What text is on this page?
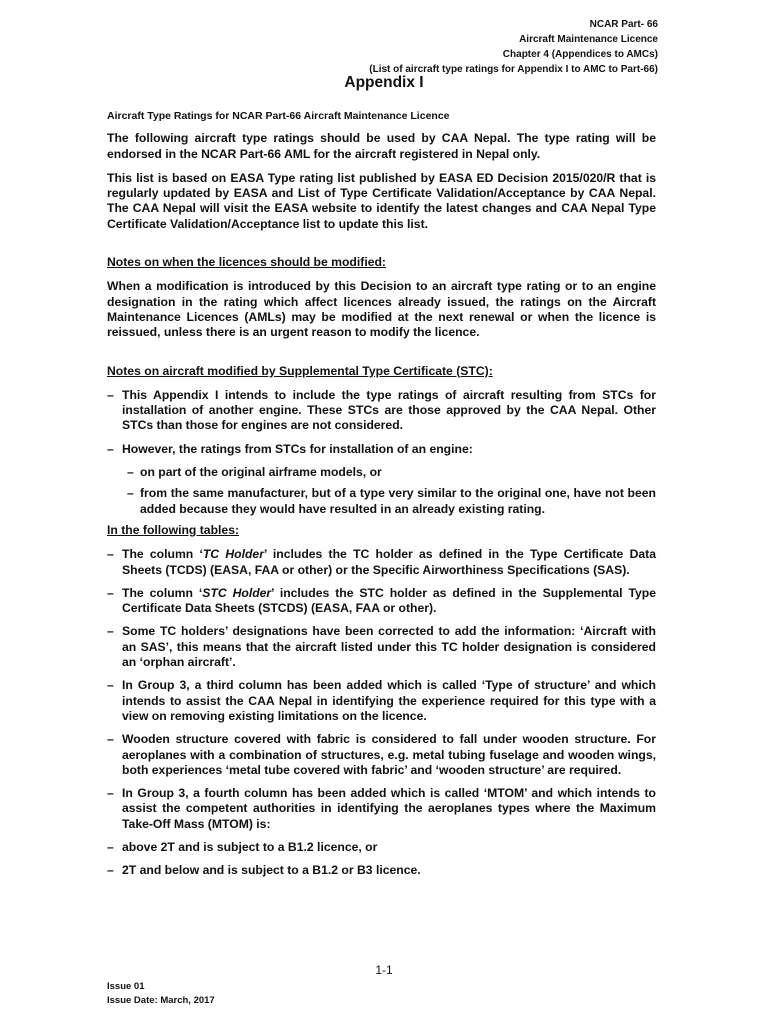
NCAR Part- 66
Aircraft Maintenance Licence
Chapter 4 (Appendices to AMCs)
(List of aircraft type ratings for Appendix I to AMC to Part-66)
Appendix I
Aircraft Type Ratings for NCAR Part-66 Aircraft Maintenance Licence

The following aircraft type ratings should be used by CAA Nepal. The type rating will be endorsed in the NCAR Part-66 AML for the aircraft registered in Nepal only.

This list is based on EASA Type rating list published by EASA ED Decision 2015/020/R that is regularly updated by EASA and List of Type Certificate Validation/Acceptance by CAA Nepal. The CAA Nepal will visit the EASA website to identify the latest changes and CAA Nepal Type Certificate Validation/Acceptance list to update this list.

Notes on when the licences should be modified:

When a modification is introduced by this Decision to an aircraft type rating or to an engine designation in the rating which affect licences already issued, the ratings on the Aircraft Maintenance Licences (AMLs) may be modified at the next renewal or when the licence is reissued, unless there is an urgent reason to modify the licence.

Notes on aircraft modified by Supplemental Type Certificate (STC):
– This Appendix I intends to include the type ratings of aircraft resulting from STCs for installation of another engine. These STCs are those approved by the CAA Nepal. Other STCs than those for engines are not considered.
– However, the ratings from STCs for installation of an engine:
– on part of the original airframe models, or
– from the same manufacturer, but of a type very similar to the original one, have not been added because they would have resulted in an already existing rating.
In the following tables:
– The column ‘TC Holder’ includes the TC holder as defined in the Type Certificate Data Sheets (TCDS) (EASA, FAA or other) or the Specific Airworthiness Specifications (SAS).
– The column ‘STC Holder’ includes the STC holder as defined in the Supplemental Type Certificate Data Sheets (STCDS) (EASA, FAA or other).
– Some TC holders’ designations have been corrected to add the information: ‘Aircraft with an SAS’, this means that the aircraft listed under this TC holder designation is considered an ‘orphan aircraft’.
– In Group 3, a third column has been added which is called ‘Type of structure’ and which intends to assist the CAA Nepal in identifying the experience required for this type with a view on removing existing limitations on the licence.
– Wooden structure covered with fabric is considered to fall under wooden structure. For aeroplanes with a combination of structures, e.g. metal tubing fuselage and wooden wings, both experiences ‘metal tube covered with fabric’ and ‘wooden structure’ are required.
– In Group 3, a fourth column has been added which is called ‘MTOM’ and which intends to assist the competent authorities in identifying the aeroplanes types where the Maximum Take-Off Mass (MTOM) is:
– above 2T and is subject to a B1.2 licence, or
– 2T and below and is subject to a B1.2 or B3 licence.
1-1
Issue 01
Issue Date: March, 2017
